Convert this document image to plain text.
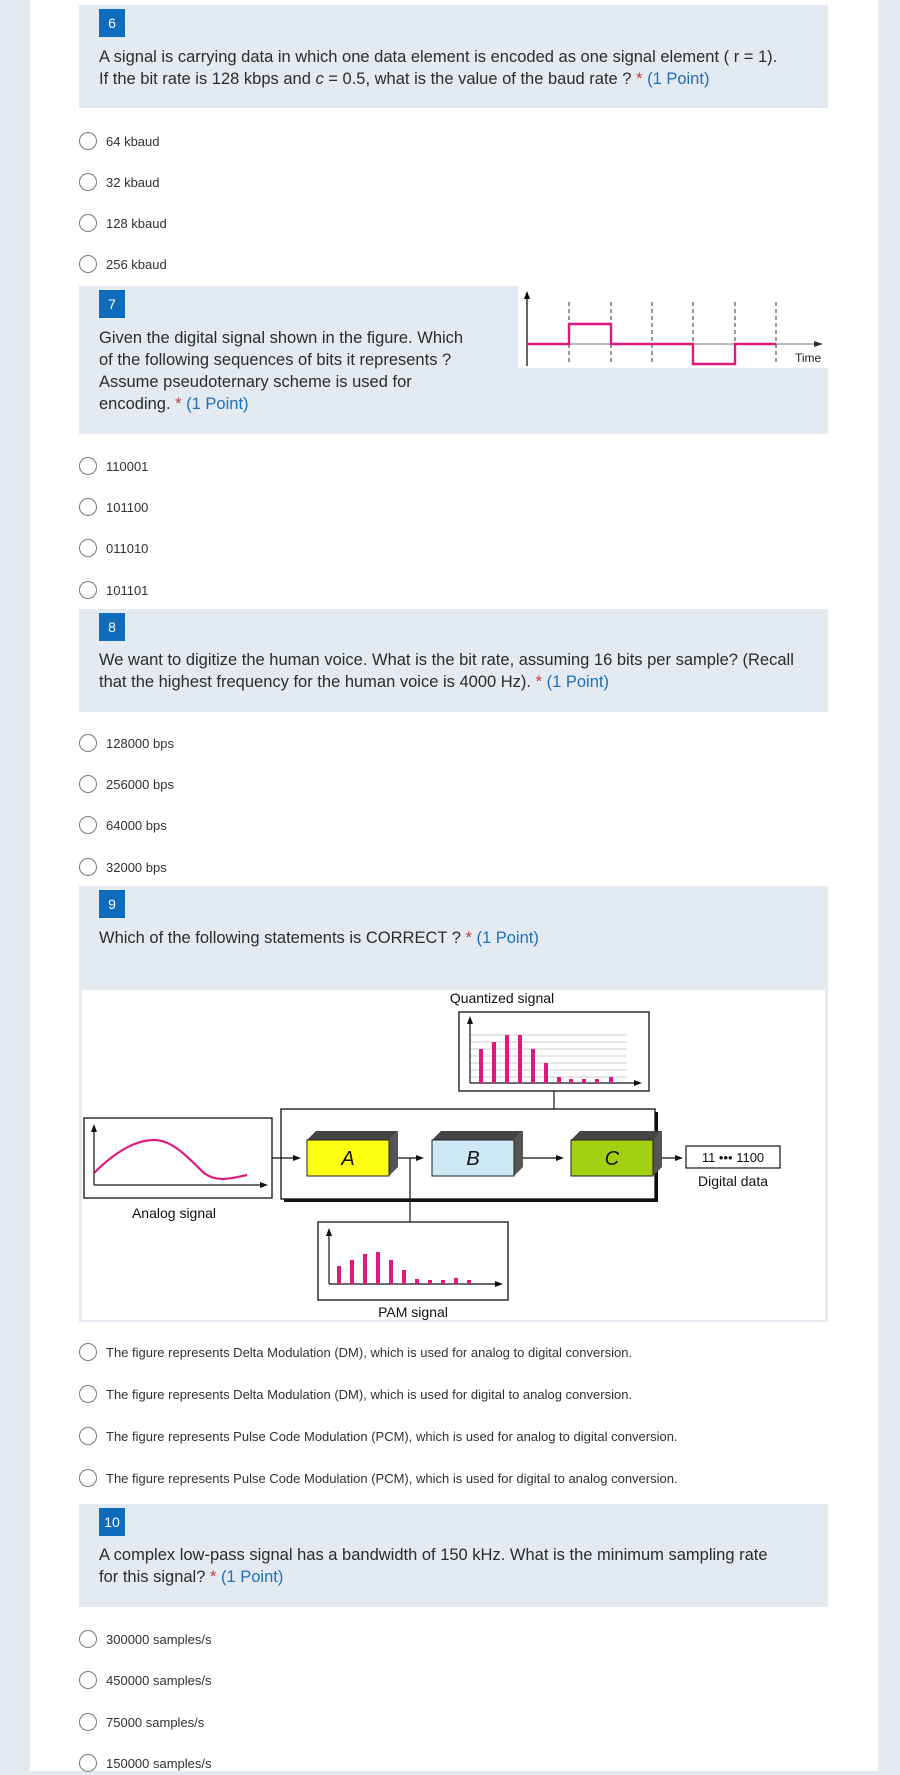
6
A signal is carrying data in which one data element is encoded as one signal element ( r = 1).
If the bit rate is 128 kbps and c = 0.5, what is the value of the baud rate ? * (1 Point)
64 kbaud
32 kbaud
128 kbaud
256 kbaud
7
Given the digital signal shown in the figure. Which
of the following sequences of bits it represents ?
Assume pseudoternary scheme is used for
encoding. * (1 Point)
Time
110001
101100
011010
101101
8
We want to digitize the human voice. What is the bit rate, assuming 16 bits per sample? (Recall
that the highest frequency for the human voice is 4000 Hz). * (1 Point)
128000 bps
256000 bps
64000 bps
32000 bps
9
Which of the following statements is CORRECT ? * (1 Point)
Quantized signal
Analog signal
A	B	C	11 ••• 1100
Digital data
PAM signal
The figure represents Delta Modulation (DM), which is used for analog to digital conversion.
The figure represents Delta Modulation (DM), which is used for digital to analog conversion.
The figure represents Pulse Code Modulation (PCM), which is used for analog to digital conversion.
The figure represents Pulse Code Modulation (PCM), which is used for digital to analog conversion.
10
A complex low-pass signal has a bandwidth of 150 kHz. What is the minimum sampling rate
for this signal? * (1 Point)
300000 samples/s
450000 samples/s
75000 samples/s
150000 samples/s
